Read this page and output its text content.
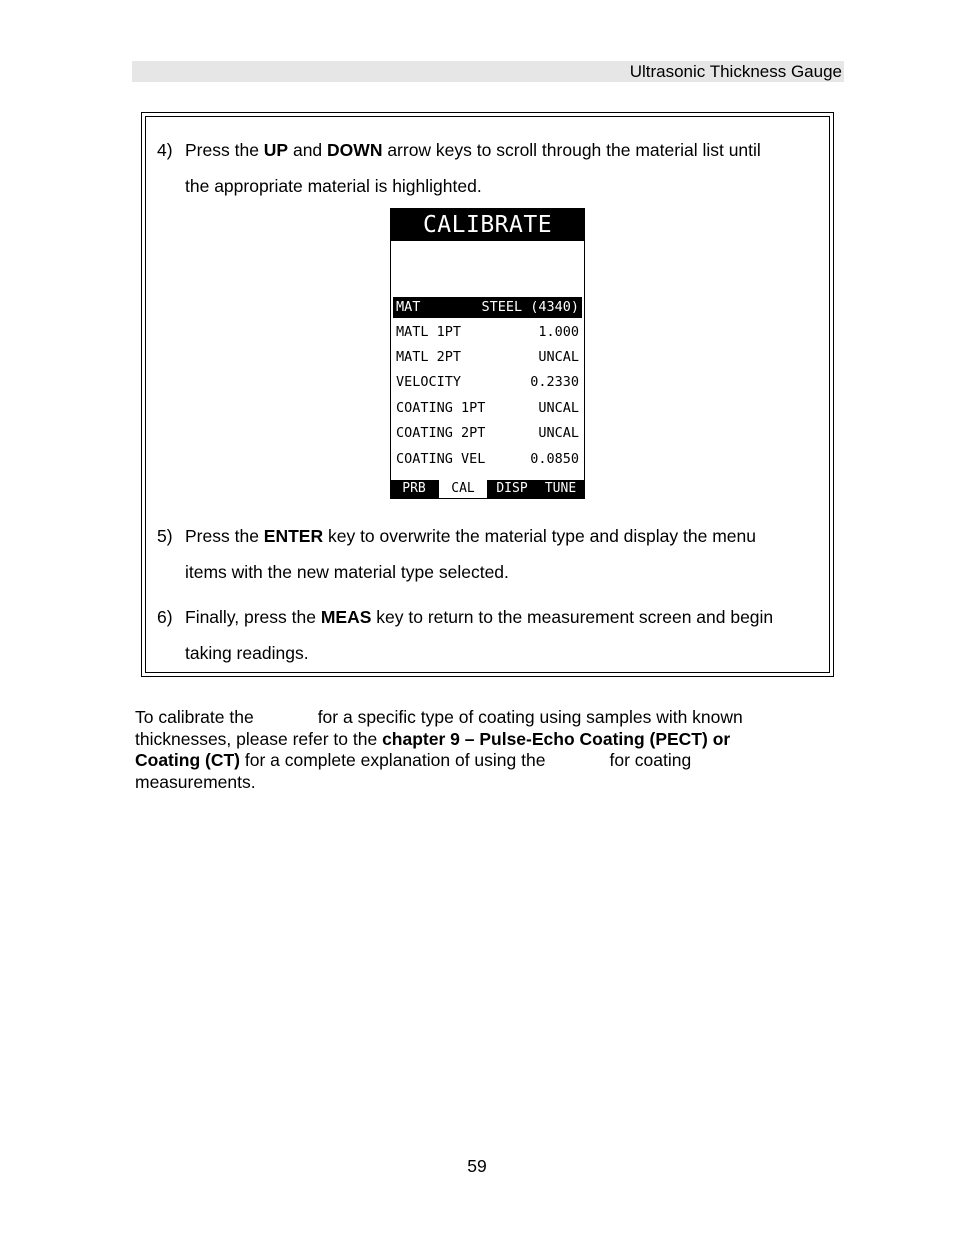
Ultrasonic Thickness Gauge
4) Press the UP and DOWN arrow keys to scroll through the material list until
the appropriate material is highlighted.
CALIBRATE
MAT	STEEL (4340)
MATL 1PT	1.000
MATL 2PT	UNCAL
VELOCITY	0.2330
COATING 1PT	UNCAL
COATING 2PT	UNCAL
COATING VEL	0.0850
PRB	CAL	DISP	TUNE
5) Press the ENTER key to overwrite the material type and display the menu
items with the new material type selected.
6) Finally, press the MEAS key to return to the measurement screen and begin
taking readings.
To calibrate the	for a specific type of coating using samples with known
thicknesses, please refer to the chapter 9 – Pulse-Echo Coating (PECT) or
Coating (CT) for a complete explanation of using the	for coating
measurements.
59
